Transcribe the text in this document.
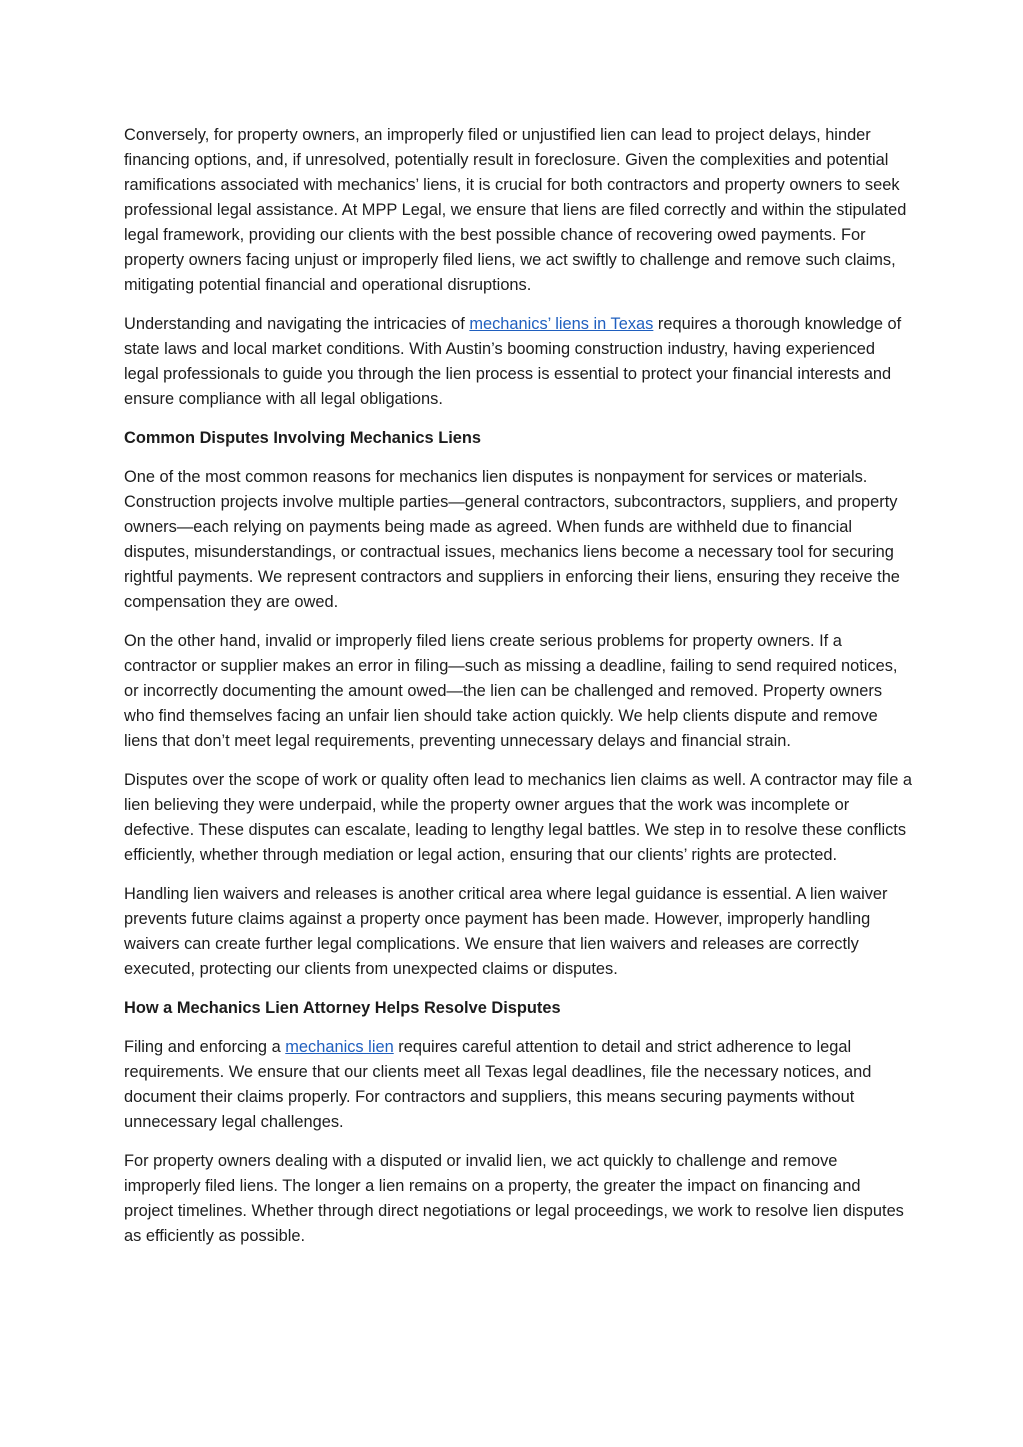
Conversely, for property owners, an improperly filed or unjustified lien can lead to project delays, hinder financing options, and, if unresolved, potentially result in foreclosure. Given the complexities and potential ramifications associated with mechanics’ liens, it is crucial for both contractors and property owners to seek professional legal assistance. At MPP Legal, we ensure that liens are filed correctly and within the stipulated legal framework, providing our clients with the best possible chance of recovering owed payments. For property owners facing unjust or improperly filed liens, we act swiftly to challenge and remove such claims, mitigating potential financial and operational disruptions.

Understanding and navigating the intricacies of mechanics’ liens in Texas requires a thorough knowledge of state laws and local market conditions. With Austin’s booming construction industry, having experienced legal professionals to guide you through the lien process is essential to protect your financial interests and ensure compliance with all legal obligations.

Common Disputes Involving Mechanics Liens

One of the most common reasons for mechanics lien disputes is nonpayment for services or materials. Construction projects involve multiple parties—general contractors, subcontractors, suppliers, and property owners—each relying on payments being made as agreed. When funds are withheld due to financial disputes, misunderstandings, or contractual issues, mechanics liens become a necessary tool for securing rightful payments. We represent contractors and suppliers in enforcing their liens, ensuring they receive the compensation they are owed.

On the other hand, invalid or improperly filed liens create serious problems for property owners. If a contractor or supplier makes an error in filing—such as missing a deadline, failing to send required notices, or incorrectly documenting the amount owed—the lien can be challenged and removed. Property owners who find themselves facing an unfair lien should take action quickly. We help clients dispute and remove liens that don’t meet legal requirements, preventing unnecessary delays and financial strain.

Disputes over the scope of work or quality often lead to mechanics lien claims as well. A contractor may file a lien believing they were underpaid, while the property owner argues that the work was incomplete or defective. These disputes can escalate, leading to lengthy legal battles. We step in to resolve these conflicts efficiently, whether through mediation or legal action, ensuring that our clients’ rights are protected.

Handling lien waivers and releases is another critical area where legal guidance is essential. A lien waiver prevents future claims against a property once payment has been made. However, improperly handling waivers can create further legal complications. We ensure that lien waivers and releases are correctly executed, protecting our clients from unexpected claims or disputes.

How a Mechanics Lien Attorney Helps Resolve Disputes

Filing and enforcing a mechanics lien requires careful attention to detail and strict adherence to legal requirements. We ensure that our clients meet all Texas legal deadlines, file the necessary notices, and document their claims properly. For contractors and suppliers, this means securing payments without unnecessary legal challenges.

For property owners dealing with a disputed or invalid lien, we act quickly to challenge and remove improperly filed liens. The longer a lien remains on a property, the greater the impact on financing and project timelines. Whether through direct negotiations or legal proceedings, we work to resolve lien disputes as efficiently as possible.
